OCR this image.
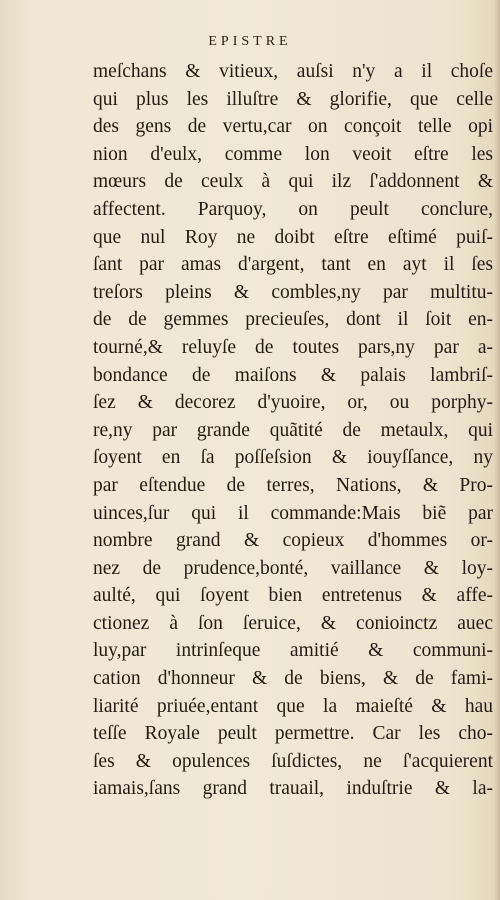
EPISTRE
meſchans & vitieux, auſsi n'y a il choſe
qui plus les illuſtre & glorifie, que celle
des gens de vertu,car on conçoit telle opi
nion d'eulx, comme lon veoit eſtre les
mœurs de ceulx à qui ilz ſ'addonnent &
affectent. Parquoy, on peult conclure,
que nul Roy ne doibt eſtre eſtimé puiſ-
ſant par amas d'argent, tant en ayt il ſes
treſors pleins & combles,ny par multitu-
de de gemmes precieuſes, dont il ſoit en-
tourné,& reluyſe de toutes pars,ny par a-
bondance de maiſons & palais lambriſ-
ſez & decorez d'yuoire, or, ou porphy-
re,ny par grande quãtité de metaulx, qui
ſoyent en ſa poſſeſsion & iouyſſance, ny
par eſtendue de terres, Nations, & Pro-
uinces,ſur qui il commande:Mais biẽ par
nombre grand & copieux d'hommes or-
nez de prudence,bonté, vaillance & loy-
aulté, qui ſoyent bien entretenus & affe-
ctionez à ſon ſeruice, & conioinctz auec
luy,par intrinſeque amitié & communi-
cation d'honneur & de biens, & de fami-
liarité priuée,entant que la maieſté & hau
teſſe Royale peult permettre. Car les cho-
ſes & opulences ſuſdictes, ne ſ'acquierent
iamais,ſans grand trauail, induſtrie & la-
